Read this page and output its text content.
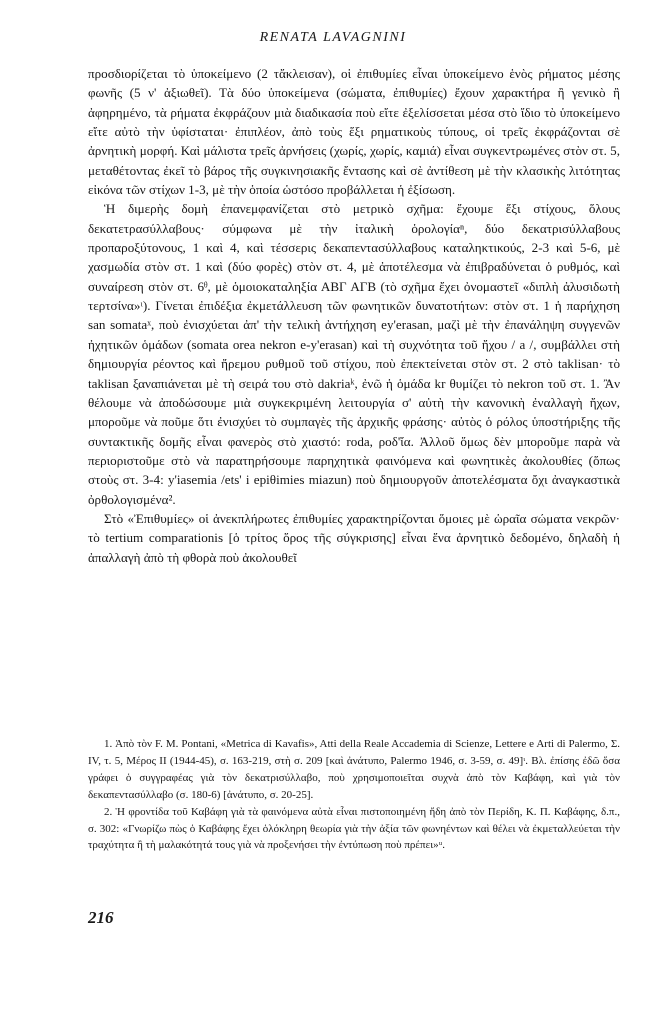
RENATA LAVAGNINI

προσδιορίζεται τὸ ὑποκείμενο (2 τἄκλεισαν), οἱ ἐπιθυμίες εἶναι ὑποκείμενο ἑνὸς ρήματος μέσης φωνῆς (5 ν' ἀξιωθεῖ). Τὰ δύο ὑποκείμενα (σώματα, ἐπιθυμίες) ἔχουν χαρακτήρα ἢ γενικὸ ἢ ἀφηρημένο, τὰ ρήματα ἐκφράζουν μιὰ διαδικασία ποὺ εἴτε ἐξελίσσεται μέσα στὸ ἴδιο τὸ ὑποκείμενο εἴτε αὐτὸ τὴν ὑφίσταται· ἐπιπλέον, ἀπὸ τοὺς ἕξι ρηματικοὺς τύπους, οἱ τρεῖς ἐκφράζονται σὲ ἀρνητικὴ μορφή. Καὶ μάλιστα τρεῖς ἀρνήσεις (χωρίς, χωρίς, καμιά) εἶναι συγκεντρωμένες στὸν στ. 5, μεταθέτοντας ἐκεῖ τὸ βάρος τῆς συγκινησιακῆς ἔντασης καὶ σὲ ἀντίθεση μὲ τὴν κλασικὴς λιτότητας εἰκόνα τῶν στίχων 1-3, μὲ τὴν ὁποία ὡστόσο προβάλλεται ἡ ἐξίσωση.

Ἡ διμερὴς δομὴ ἐπανεμφανίζεται στὸ μετρικὸ σχῆμα: ἔχουμε ἕξι στίχους, ὅλους δεκατετρασύλλαβους· σύμφωνα μὲ τὴν ἰταλικὴ ὁρολογίαⁿ, δύο δεκατρισύλλαβους προπαροξύτονους, 1 καὶ 4, καὶ τέσσερις δεκαπεντασύλλαβους καταληκτικούς, 2-3 καὶ 5-6, μὲ χασμωδία στὸν στ. 1 καὶ (δύο φορὲς) στὸν στ. 4, μὲ ἀποτέλεσμα νὰ ἐπιβραδύνεται ὁ ρυθμός, καὶ συναίρεση στὸν στ. 6ᶿ, μὲ ὁμοιοκαταληξία ΑΒΓ ΑΓΒ (τὸ σχῆμα ἔχει ὀνομαστεῖ «διπλὴ ἀλυσιδωτὴ τερτσίνα»ᶥ). Γίνεται ἐπιδέξια ἐκμετάλλευση τῶν φωνητικῶν δυνατοτήτων: στὸν στ. 1 ἡ παρήχηση san somataˣ, ποὺ ἐνισχύεται ἀπ' τὴν τελικὴ ἀντήχηση ey'erasan, μαζὶ μὲ τὴν ἐπανάληψη συγγενῶν ἠχητικῶν ὁμάδων (somata orea nekron e-y'erasan) καὶ τὴ συχνότητα τοῦ ἤχου / a /, συμβάλλει στὴ δημιουργία ρέοντος καὶ ἤρεμου ρυθμοῦ τοῦ στίχου, ποὺ ἐπεκτείνεται στὸν στ. 2 στὸ taklisan· τὸ taklisan ξαναπιάνεται μὲ τὴ σειρά του στὸ dakriaᵏ, ἐνῶ ἡ ὁμάδα kr θυμίζει τὸ nekron τοῦ στ. 1. Ἂν θέλουμε νὰ ἀποδώσουμε μιὰ συγκεκριμένη λειτουργία σ' αὐτὴ τὴν κανονικὴ ἐναλλαγὴ ἤχων, μποροῦμε νὰ ποῦμε ὅτι ἐνισχύει τὸ συμπαγὲς τῆς ἀρχικῆς φράσης· αὐτὸς ὁ ρόλος ὑποστήριξης τῆς συντακτικῆς δομῆς εἶναι φανερὸς στὸ χιαστό: roda, ροδ'ἴα. Ἀλλοῦ ὅμως δὲν μποροῦμε παρὰ νὰ περιοριστοῦμε στὸ νὰ παρατηρήσουμε παρηχητικὰ φαινόμενα καὶ φωνητικὲς ἀκολουθίες (ὅπως στοὺς στ. 3-4: y'iasemia /ets' i epiθimies miazun) ποὺ δημιουργοῦν ἀποτελέσματα ὄχι ἀναγκαστικὰ ὀρθολογισμένα².

Στὸ «Ἐπιθυμίες» οἱ ἀνεκπλήρωτες ἐπιθυμίες χαρακτηρίζονται ὅμοιες μὲ ὡραῖα σώματα νεκρῶν· τὸ tertium comparationis [ὁ τρίτος ὅρος τῆς σύγκρισης] εἶναι ἕνα ἀρνητικὸ δεδομένο, δηλαδὴ ἡ ἀπαλλαγὴ ἀπὸ τὴ φθορὰ ποὺ ἀκολουθεῖ

1. Ἀπὸ τὸν F. M. Pontani, «Metrica di Kavafis», Atti della Reale Accademia di Scienze, Lettere e Arti di Palermo, Σ. IV, τ. 5, Μέρος II (1944-45), σ. 163-219, στὴ σ. 209 [καὶ ἀνάτυπο, Palermo 1946, σ. 3-59, σ. 49]ᶥ. Βλ. ἐπίσης ἐδῶ ὅσα γράφει ὁ συγγραφέας γιὰ τὸν δεκατρισύλλαβο, ποὺ χρησιμοποιεῖται συχνὰ ἀπὸ τὸν Καβάφη, καὶ γιὰ τὸν δεκαπεντασύλλαβο (σ. 180-6) [ἀνάτυπο, σ. 20-25].

2. Ἡ φροντίδα τοῦ Καβάφη γιὰ τὰ φαινόμενα αὐτὰ εἶναι πιστοποιημένη ἤδη ἀπὸ τὸν Περίδη, Κ. Π. Καβάφης, δ.π., σ. 302: «Γνωρίζω πὼς ὁ Καβάφης ἔχει ὁλόκληρη θεωρία γιὰ τὴν ἀξία τῶν φωνηέντων καὶ θέλει νὰ ἐκμεταλλεύεται τὴν τραχύτητα ἢ τὴ μαλακότητά τους γιὰ νὰ προξενήσει τὴν ἐντύπωση ποὺ πρέπει»ᵘ.

216
